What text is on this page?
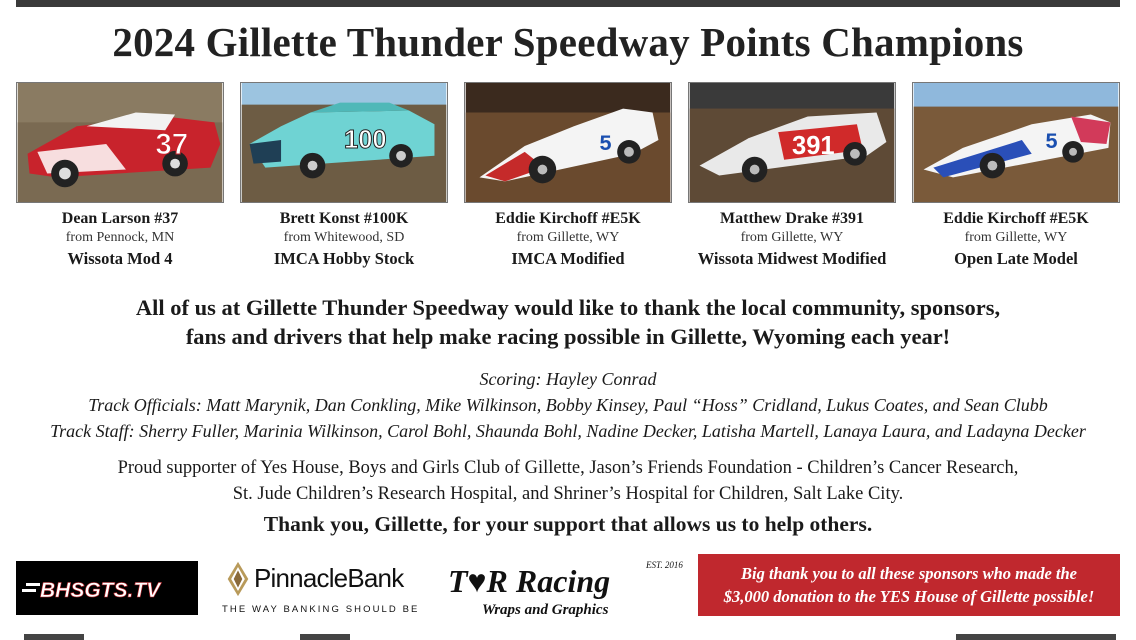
2024 Gillette Thunder Speedway Points Champions
37
Dean Larson #37
from Pennock, MN
Wissota Mod 4
100
Brett Konst #100K
from Whitewood, SD
IMCA Hobby Stock
5
Eddie Kirchoff #E5K
from Gillette, WY
IMCA Modified
391
Matthew Drake #391
from Gillette, WY
Wissota Midwest Modified
5
Eddie Kirchoff #E5K
from Gillette, WY
Open Late Model
All of us at Gillette Thunder Speedway would like to thank the local community, sponsors,
fans and drivers that help make racing possible in Gillette, Wyoming each year!
Scoring: Hayley Conrad
Track Officials: Matt Marynik, Dan Conkling, Mike Wilkinson, Bobby Kinsey, Paul “Hoss” Cridland, Lukus Coates, and Sean Clubb
Track Staff: Sherry Fuller, Marinia Wilkinson, Carol Bohl, Shaunda Bohl, Nadine Decker, Latisha Martell, Lanaya Laura, and Ladayna Decker
Proud supporter of Yes House, Boys and Girls Club of Gillette, Jason’s Friends Foundation - Children’s Cancer Research,
St. Jude Children’s Research Hospital, and Shriner’s Hospital for Children, Salt Lake City.
Thank you, Gillette, for your support that allows us to help others.
BHSGTS.TV	PinnacleBank
THE WAY BANKING SHOULD BE
EST. 2016
T♥R Racing
Wraps and Graphics
Big thank you to all these sponsors who made the
$3,000 donation to the YES House of Gillette possible!
